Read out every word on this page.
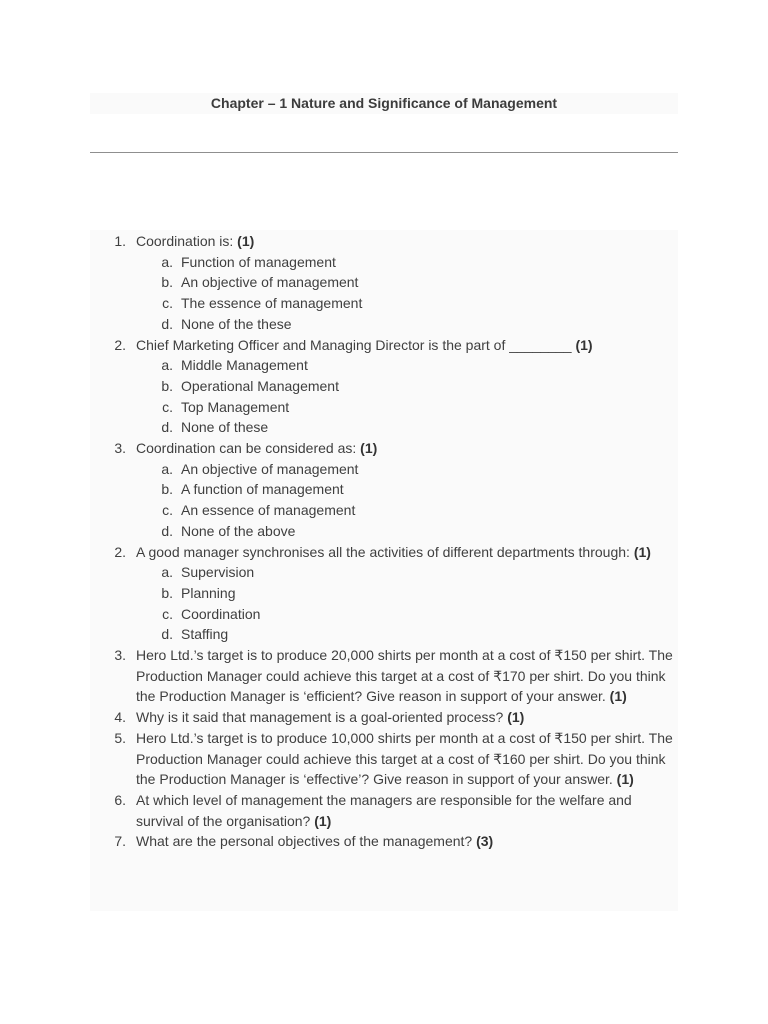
Chapter – 1 Nature and Significance of Management
1. Coordination is: (1)
a. Function of management
b. An objective of management
c. The essence of management
d. None of the these
2. Chief Marketing Officer and Managing Director is the part of ________ (1)
a. Middle Management
b. Operational Management
c. Top Management
d. None of these
3. Coordination can be considered as: (1)
a. An objective of management
b. A function of management
c. An essence of management
d. None of the above
2. A good manager synchronises all the activities of different departments through: (1)
a. Supervision
b. Planning
c. Coordination
d. Staffing
3. Hero Ltd.’s target is to produce 20,000 shirts per month at a cost of ₹150 per shirt. The Production Manager could achieve this target at a cost of ₹170 per shirt. Do you think the Production Manager is ‘efficient? Give reason in support of your answer. (1)
4. Why is it said that management is a goal-oriented process? (1)
5. Hero Ltd.’s target is to produce 10,000 shirts per month at a cost of ₹150 per shirt. The Production Manager could achieve this target at a cost of ₹160 per shirt. Do you think the Production Manager is ‘effective’? Give reason in support of your answer. (1)
6. At which level of management the managers are responsible for the welfare and survival of the organisation? (1)
7. What are the personal objectives of the management? (3)
